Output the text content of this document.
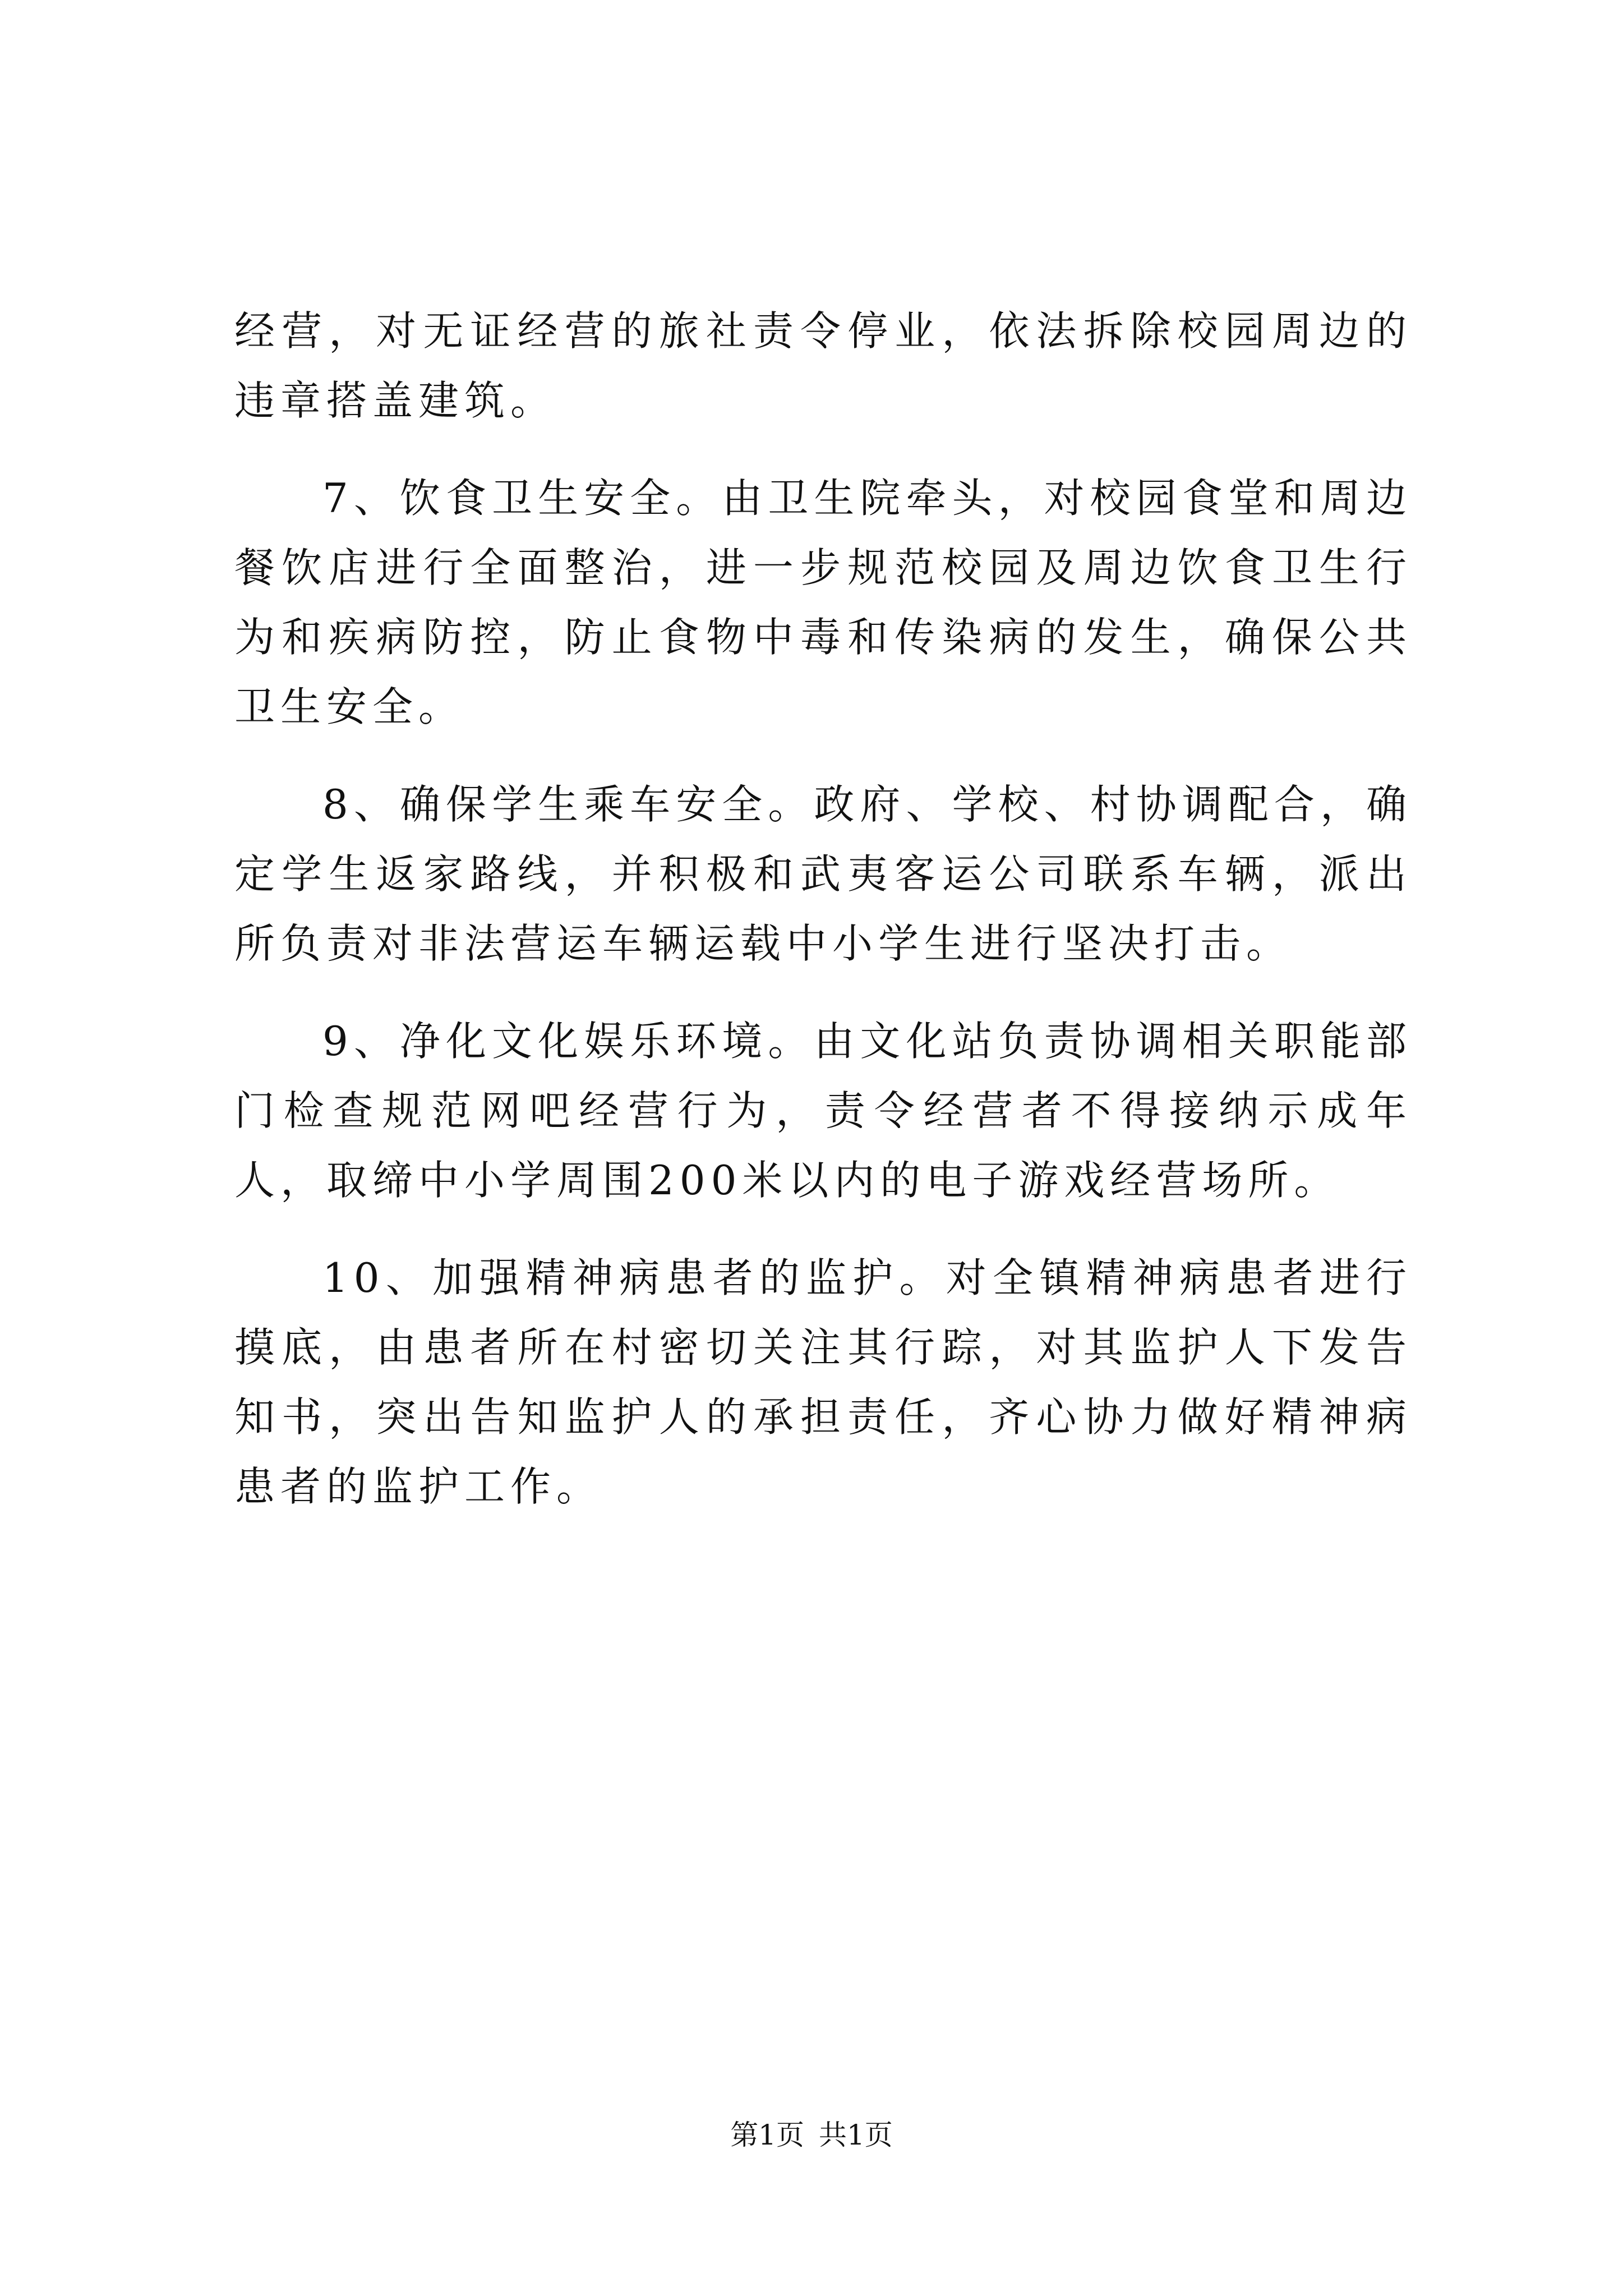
经营，对无证经营的旅社责令停业，依法拆除校园周边的违章搭盖建筑。

7、饮食卫生安全。由卫生院牵头，对校园食堂和周边餐饮店进行全面整治，进一步规范校园及周边饮食卫生行为和疾病防控，防止食物中毒和传染病的发生，确保公共卫生安全。

8、确保学生乘车安全。政府、学校、村协调配合，确定学生返家路线，并积极和武夷客运公司联系车辆，派出所负责对非法营运车辆运载中小学生进行坚决打击。

9、净化文化娱乐环境。由文化站负责协调相关职能部门检查规范网吧经营行为，责令经营者不得接纳示成年人，取缔中小学周围200米以内的电子游戏经营场所。

10、加强精神病患者的监护。对全镇精神病患者进行摸底，由患者所在村密切关注其行踪，对其监护人下发告知书，突出告知监护人的承担责任，齐心协力做好精神病患者的监护工作。

第1页 共1页
